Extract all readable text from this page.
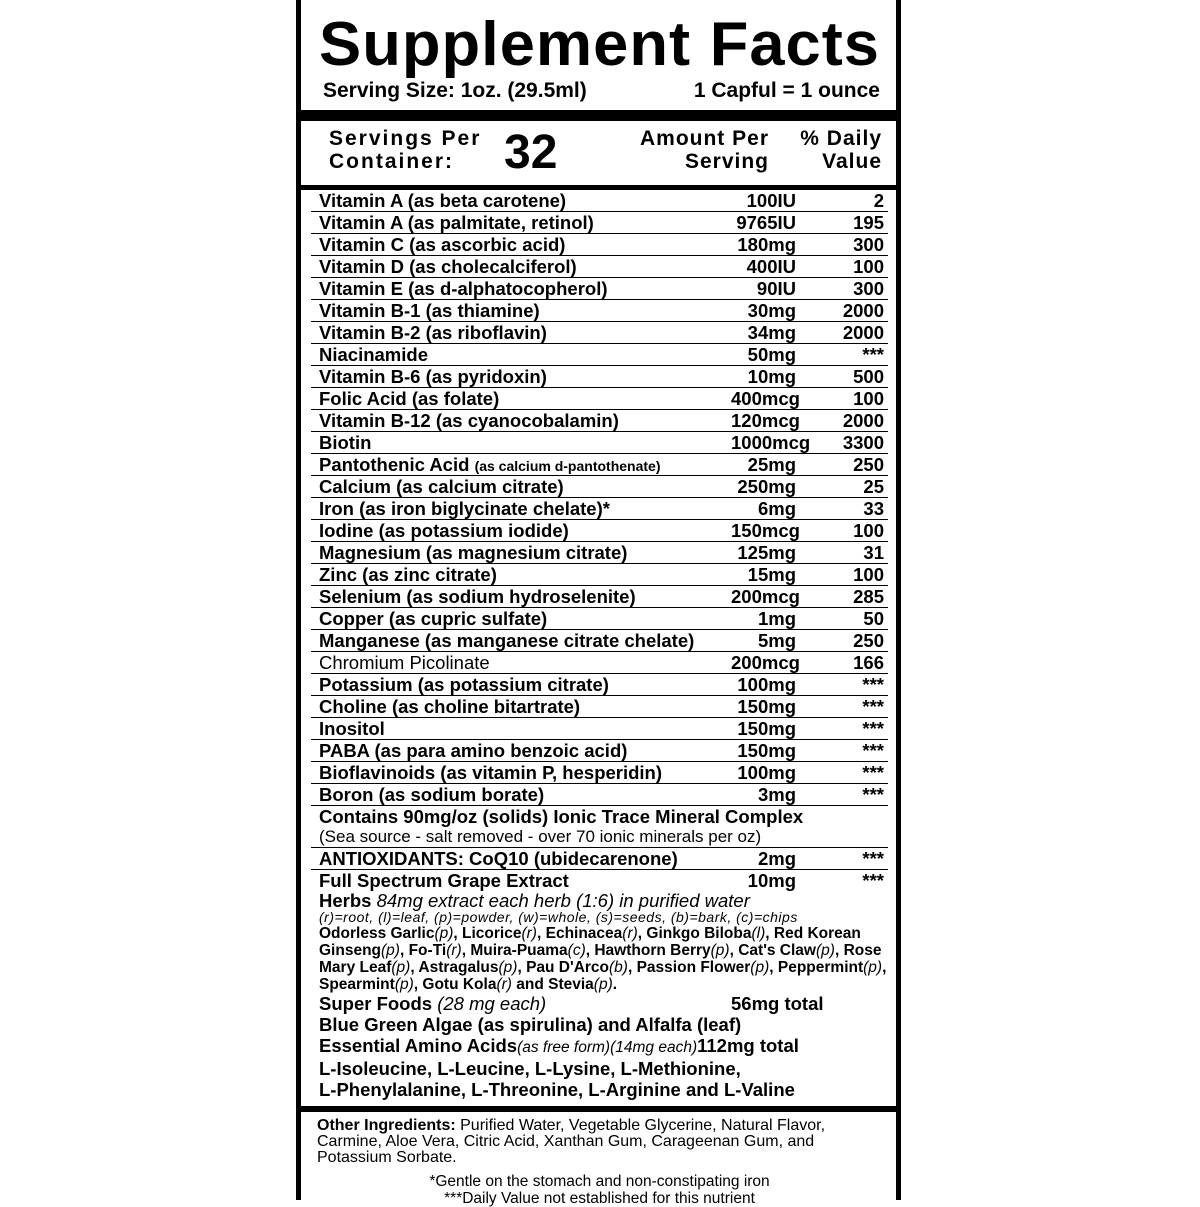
Supplement Facts
Serving Size: 1oz. (29.5ml)	1 Capful = 1 ounce
Servings Per
Container:	32	Amount Per
Serving
% Daily
Value
Vitamin A (as beta carotene)	100IU	2
Vitamin A (as palmitate, retinol)	9765IU	195
Vitamin C (as ascorbic acid)	180mg	300
Vitamin D (as cholecalciferol)	400IU	100
Vitamin E (as d-alphatocopherol)	90IU	300
Vitamin B-1 (as thiamine)	30mg	2000
Vitamin B-2 (as riboflavin)	34mg	2000
Niacinamide	50mg	***
Vitamin B-6 (as pyridoxin)	10mg	500
Folic Acid (as folate)	400mcg	100
Vitamin B-12 (as cyanocobalamin)	120mcg	2000
Biotin	1000mcg	3300
Pantothenic Acid (as calcium d-pantothenate)	25mg	250
Calcium (as calcium citrate)	250mg	25
Iron (as iron biglycinate chelate)*	6mg	33
Iodine (as potassium iodide)	150mcg	100
Magnesium (as magnesium citrate)	125mg	31
Zinc (as zinc citrate)	15mg	100
Selenium (as sodium hydroselenite)	200mcg	285
Copper (as cupric sulfate)	1mg	50
Manganese (as manganese citrate chelate)	5mg	250
Chromium Picolinate	200mcg	166
Potassium (as potassium citrate)	100mg	***
Choline (as choline bitartrate)	150mg	***
Inositol	150mg	***
PABA (as para amino benzoic acid)	150mg	***
Bioflavinoids (as vitamin P, hesperidin)	100mg	***
Boron (as sodium borate)	3mg	***
Contains 90mg/oz (solids) Ionic Trace Mineral Complex
(Sea source - salt removed - over 70 ionic minerals per oz)
ANTIOXIDANTS: CoQ10 (ubidecarenone)	2mg	***
Full Spectrum Grape Extract	10mg	***
Herbs 84mg extract each herb (1:6) in purified water
(r)=root, (l)=leaf, (p)=powder, (w)=whole, (s)=seeds, (b)=bark, (c)=chips
Odorless Garlic(p), Licorice(r), Echinacea(r), Ginkgo Biloba(l), Red Korean Ginseng(p), Fo-Ti(r), Muira-Puama(c), Hawthorn Berry(p), Cat's Claw(p), Rose Mary Leaf(p), Astragalus(p), Pau D'Arco(b), Passion Flower(p), Peppermint(p), Spearmint(p), Gotu Kola(r) and Stevia(p).
Super Foods (28 mg each)	56mg total
Blue Green Algae (as spirulina) and Alfalfa (leaf)
Essential Amino Acids(as free form)(14mg each)112mg total
L-Isoleucine, L-Leucine, L-Lysine, L-Methionine,
L-Phenylalanine, L-Threonine, L-Arginine and L-Valine
Other Ingredients: Purified Water, Vegetable Glycerine, Natural Flavor, Carmine, Aloe Vera, Citric Acid, Xanthan Gum, Carageenan Gum, and Potassium Sorbate.
*Gentle on the stomach and non-constipating iron
***Daily Value not established for this nutrient
